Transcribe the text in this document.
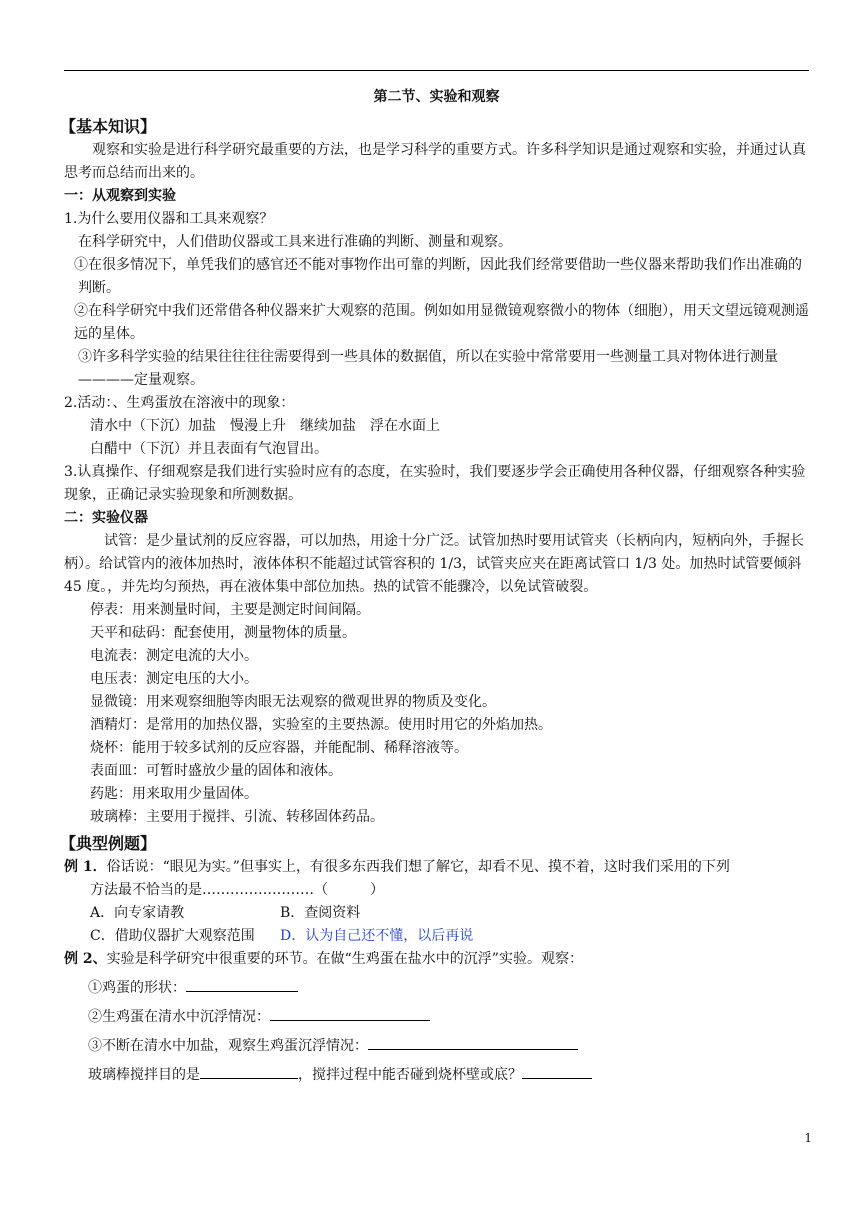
第二节、实验和观察
【基本知识】

观察和实验是进行科学研究最重要的方法，也是学习科学的重要方式。许多科学知识是通过观察和实验，并通过认真思考而总结而出来的。

一：从观察到实验

1.为什么要用仪器和工具来观察？

在科学研究中，人们借助仪器或工具来进行准确的判断、测量和观察。

①在很多情况下，单凭我们的感官还不能对事物作出可靠的判断，因此我们经常要借助一些仪器来帮助我们作出准确的判断。

②在科学研究中我们还常借各种仪器来扩大观察的范围。例如如用显微镜观察微小的物体（细胞），用天文望远镜观测遥远的星体。

③许多科学实验的结果往往往往需要得到一些具体的数据值，所以在实验中常常要用一些测量工具对物体进行测量————定量观察。

2.活动：、生鸡蛋放在溶液中的现象：

清水中（下沉）加盐　慢漫上升　继续加盐　浮在水面上

白醋中（下沉）并且表面有气泡冒出。

3.认真操作、仔细观察是我们进行实验时应有的态度，在实验时，我们要逐步学会正确使用各种仪器，仔细观察各种实验现象，正确记录实验现象和所测数据。

二：实验仪器

试管：是少量试剂的反应容器，可以加热，用途十分广泛。试管加热时要用试管夹（长柄向内，短柄向外，手握长柄）。给试管内的液体加热时，液体体积不能超过试管容积的 1/3，试管夹应夹在距离试管口 1/3 处。加热时试管要倾斜 45 度。，并先均匀预热，再在液体集中部位加热。热的试管不能骤冷，以免试管破裂。

停表：用来测量时间，主要是测定时间间隔。

天平和砝码：配套使用，测量物体的质量。

电流表：测定电流的大小。

电压表：测定电压的大小。

显微镜：用来观察细胞等肉眼无法观察的微观世界的物质及变化。

酒精灯：是常用的加热仪器，实验室的主要热源。使用时用它的外焰加热。

烧杯：能用于较多试剂的反应容器，并能配制、稀释溶液等。

表面皿：可暂时盛放少量的固体和液体。

药匙：用来取用少量固体。

玻璃棒：主要用于搅拌、引流、转移固体药品。

【典型例题】

例 1．俗话说：“眼见为实。”但事实上，有很多东西我们想了解它，却看不见、摸不着，这时我们采用的下列

方法最不恰当的是……………………（　　　）

A．向专家请教	B．查阅资料
C．借助仪器扩大观察范围	D．认为自己还不懂，以后再说

例 2、实验是科学研究中很重要的环节。在做“生鸡蛋在盐水中的沉浮”实验。观察：

①鸡蛋的形状：
②生鸡蛋在清水中沉浮情况：
③不断在清水中加盐，观察生鸡蛋沉浮情况：
玻璃棒搅拌目的是	，搅拌过程中能否碰到烧杯壁或底？
1
